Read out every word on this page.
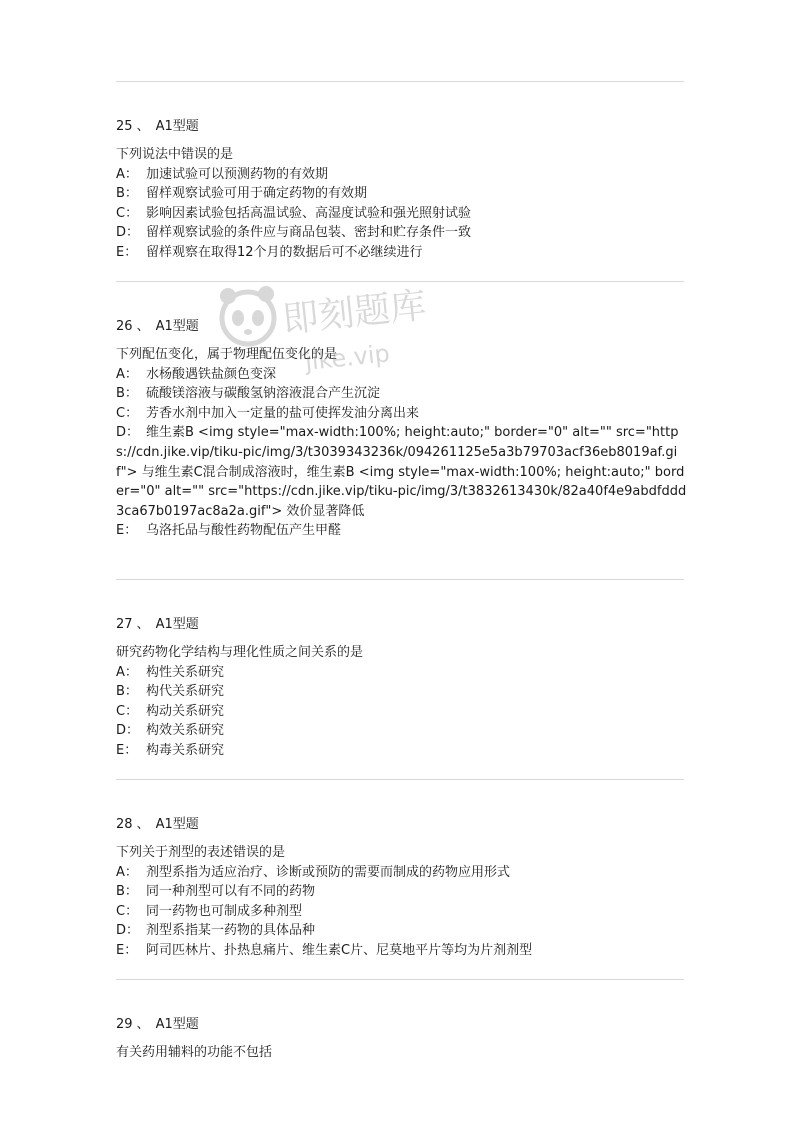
25 、 A1型题
下列说法中错误的是
A： 加速试验可以预测药物的有效期
B： 留样观察试验可用于确定药物的有效期
C： 影响因素试验包括高温试验、高湿度试验和强光照射试验
D： 留样观察试验的条件应与商品包装、密封和贮存条件一致
E： 留样观察在取得12个月的数据后可不必继续进行
26 、 A1型题
下列配伍变化，属于物理配伍变化的是
A： 水杨酸遇铁盐颜色变深
B： 硫酸镁溶液与碳酸氢钠溶液混合产生沉淀
C： 芳香水剂中加入一定量的盐可使挥发油分离出来
D： 维生素B <img style="max-width:100%; height:auto;" border="0" alt="" src="https://cdn.jike.vip/tiku-pic/img/3/t3039343236k/094261125e5a3b79703acf36eb8019af.gif"> 与维生素C混合制成溶液时，维生素B <img style="max-width:100%; height:auto;" border="0" alt="" src="https://cdn.jike.vip/tiku-pic/img/3/t3832613430k/82a40f4e9abdfddd3ca67b0197ac8a2a.gif"> 效价显著降低
E： 乌洛托品与酸性药物配伍产生甲醛
27 、 A1型题
研究药物化学结构与理化性质之间关系的是
A： 构性关系研究
B： 构代关系研究
C： 构动关系研究
D： 构效关系研究
E： 构毒关系研究
28 、 A1型题
下列关于剂型的表述错误的是
A： 剂型系指为适应治疗、诊断或预防的需要而制成的药物应用形式
B： 同一种剂型可以有不同的药物
C： 同一药物也可制成多种剂型
D： 剂型系指某一药物的具体品种
E： 阿司匹林片、扑热息痛片、维生素C片、尼莫地平片等均为片剂剂型
29 、 A1型题
有关药用辅料的功能不包括
即刻题库
jike.vip
